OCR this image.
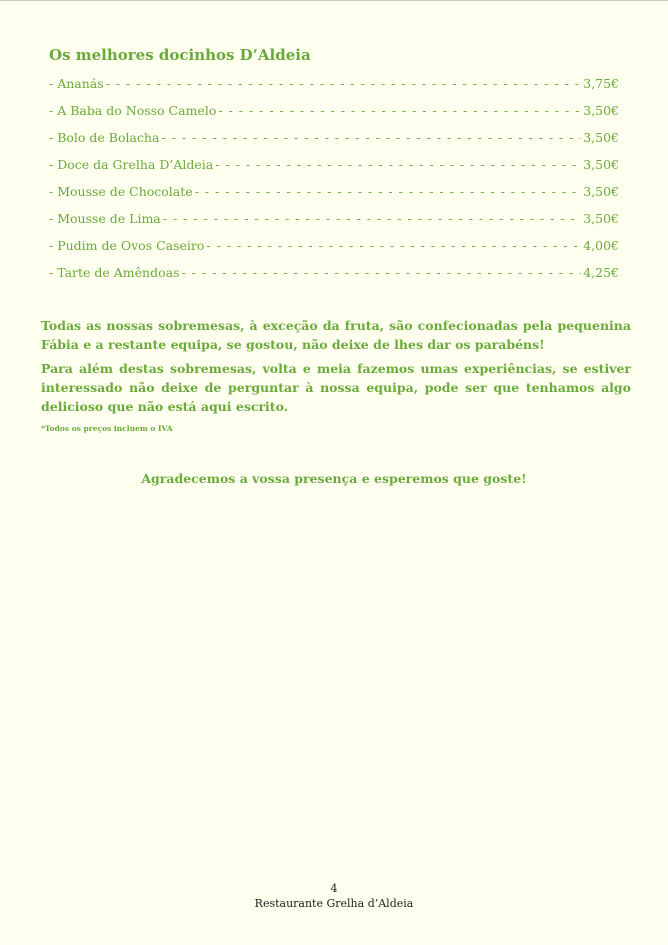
Os melhores docinhos D’Aldeia
- Ananás - - -	3,75€
- A Baba do Nosso Camelo - - -	3,50€
- Bolo de Bolacha - - -	3,50€
- Doce da Grelha D’Aldeia - - -	3,50€
- Mousse de Chocolate - - -	3,50€
- Mousse de Lima - - -	3,50€
- Pudim de Ovos Caseiro - - -	4,00€
- Tarte de Amêndoas - - -	4,25€

Todas as nossas sobremesas, à exceção da fruta, são confecionadas pela pequenina Fábia e a restante equipa, se gostou, não deixe de lhes dar os parabéns!

Para além destas sobremesas, volta e meia fazemos umas experiências, se estiver interessado não deixe de perguntar à nossa equipa, pode ser que tenhamos algo delicioso que não está aqui escrito.

*Todos os preços incluem o IVA

Agradecemos a vossa presença e esperemos que goste!

4

Restaurante Grelha d’Aldeia
